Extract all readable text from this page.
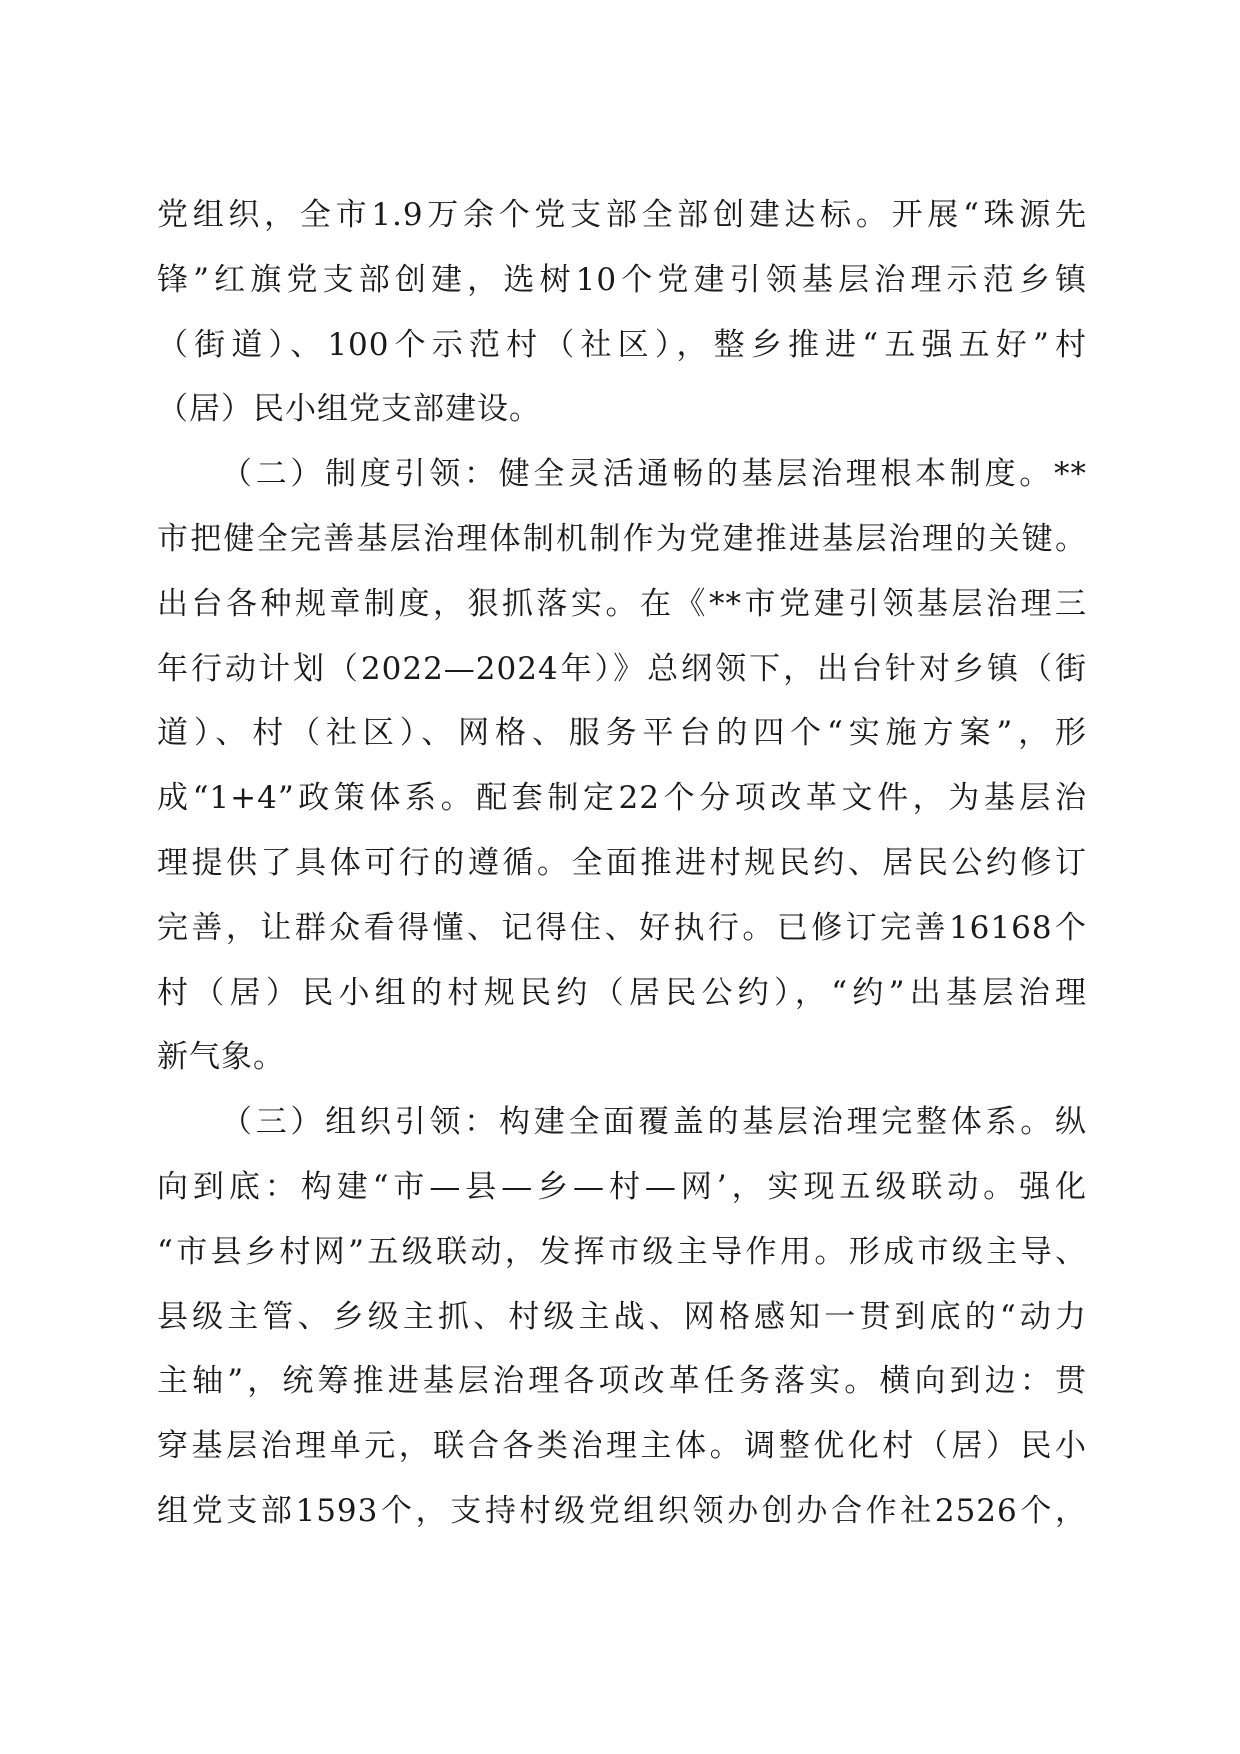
党组织，全市1.9万余个党支部全部创建达标。开展“珠源先
锋”红旗党支部创建，选树10个党建引领基层治理示范乡镇
（街道）、100个示范村（社区），整乡推进“五强五好”村
（居）民小组党支部建设。
（二）制度引领：健全灵活通畅的基层治理根本制度。**
市把健全完善基层治理体制机制作为党建推进基层治理的关键。
出台各种规章制度，狠抓落实。在《**市党建引领基层治理三
年行动计划（2022—2024年）》总纲领下，出台针对乡镇（街
道）、村（社区）、网格、服务平台的四个“实施方案”，形
成“1+4”政策体系。配套制定22个分项改革文件，为基层治
理提供了具体可行的遵循。全面推进村规民约、居民公约修订
完善，让群众看得懂、记得住、好执行。已修订完善16168个
村（居）民小组的村规民约（居民公约），“约”出基层治理
新气象。
（三）组织引领：构建全面覆盖的基层治理完整体系。纵
向到底：构建“市—县—乡—村—网’，实现五级联动。强化
“市县乡村网”五级联动，发挥市级主导作用。形成市级主导、
县级主管、乡级主抓、村级主战、网格感知一贯到底的“动力
主轴”，统筹推进基层治理各项改革任务落实。横向到边：贯
穿基层治理单元，联合各类治理主体。调整优化村（居）民小
组党支部1593个，支持村级党组织领办创办合作社2526个，
